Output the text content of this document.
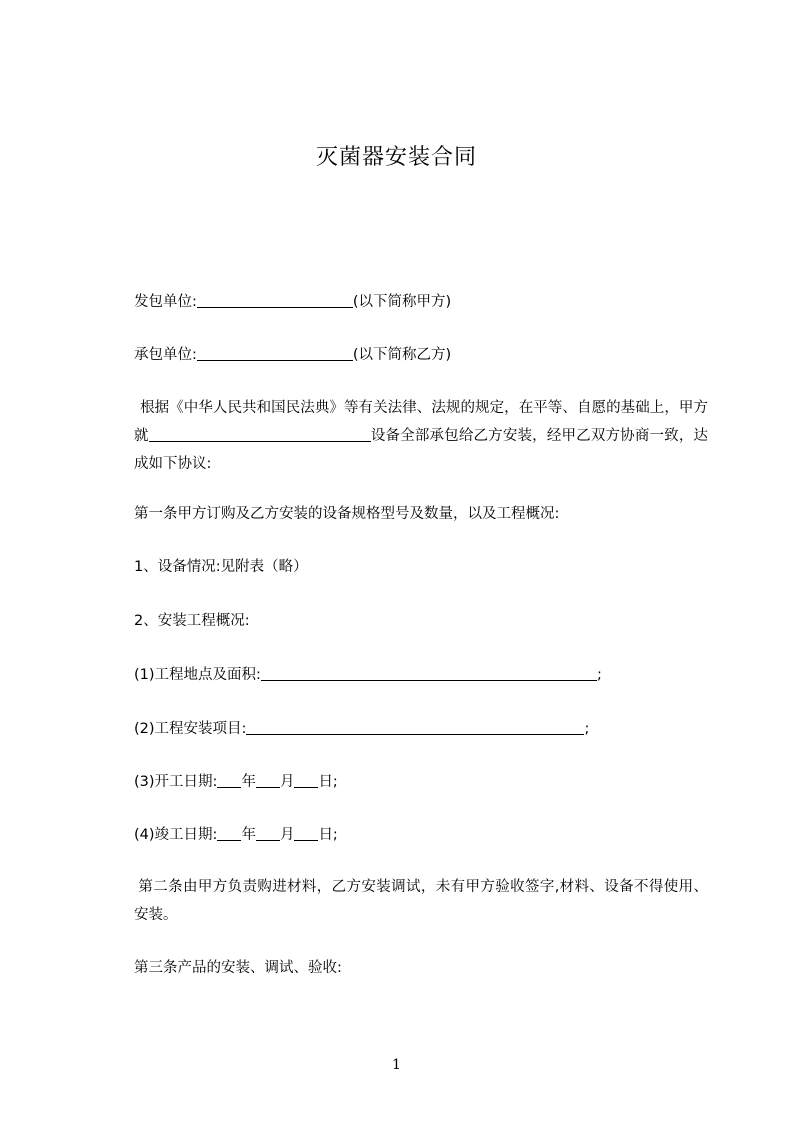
灭菌器安装合同
发包单位:	(以下简称甲方)
承包单位:	(以下简称乙方)
根据《中华人民共和国民法典》等有关法律、法规的规定，在平等、自愿的基础上，甲方就	设备全部承包给乙方安装，经甲乙双方协商一致，达成如下协议:
第一条甲方订购及乙方安装的设备规格型号及数量，以及工程概况:
1、设备情况:见附表（略）
2、安装工程概况:
(1)工程地点及面积:	;
(2)工程安装项目:	;
(3)开工日期: 年 月 日;
(4)竣工日期: 年 月 日;
第二条由甲方负责购进材料，乙方安装调试，未有甲方验收签字,材料、设备不得使用、安装。
第三条产品的安装、调试、验收:
1
